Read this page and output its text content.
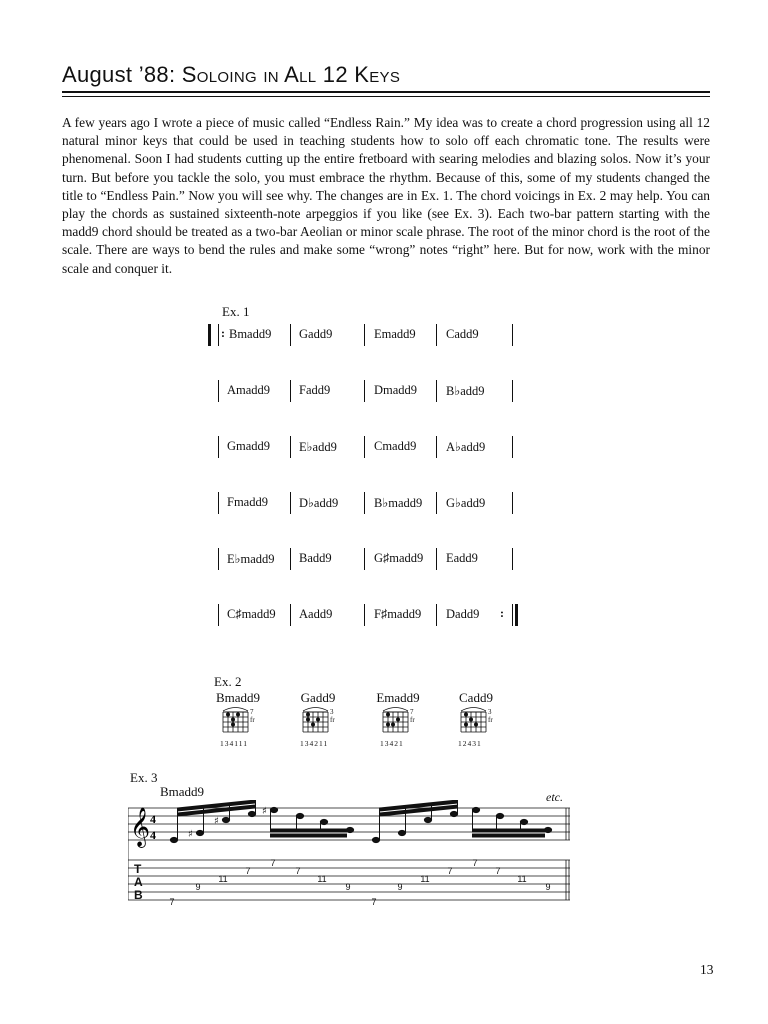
August ’88: Soloing in All 12 Keys
A few years ago I wrote a piece of music called “Endless Rain.” My idea was to create a chord progression using all 12 natural minor keys that could be used in teaching students how to solo off each chromatic tone. The results were phenomenal. Soon I had students cutting up the entire fretboard with searing melodies and blazing solos. Now it’s your turn. But before you tackle the solo, you must embrace the rhythm. Because of this, some of my students changed the title to “Endless Pain.” Now you will see why. The changes are in Ex. 1. The chord voicings in Ex. 2 may help. You can play the chords as sustained sixteenth-note arpeggios if you like (see Ex. 3). Each two-bar pattern starting with the madd9 chord should be treated as a two-bar Aeolian or minor scale phrase. The root of the minor chord is the root of the scale. There are ways to bend the rules and make some “wrong” notes “right” here. But for now, work with the minor scale and conquer it.
Ex. 1
Bmadd9 Gadd9	Emadd9 Cadd9
:
Amadd9 Fadd9	Dmadd9 B♭add9
Gmadd9 E♭add9	Cmadd9 A♭add9
Fmadd9 D♭add9	B♭madd9 G♭add9
E♭madd9 Badd9	G♯madd9 Eadd9
C♯madd9 Aadd9	F♯madd9 Dadd9 :
Ex. 2
Bmadd9
7 fr
134111
Gadd9
3 fr
134211
Emadd9
7 fr
13421
Cadd9
3 fr
12431
Ex. 3
Bmadd9	etc.
𝄞 4
4	♯
♯
♯
T
A
B	7
9
11
7
7
7
11
9
7
9
11
7
7
7
11
9
13
